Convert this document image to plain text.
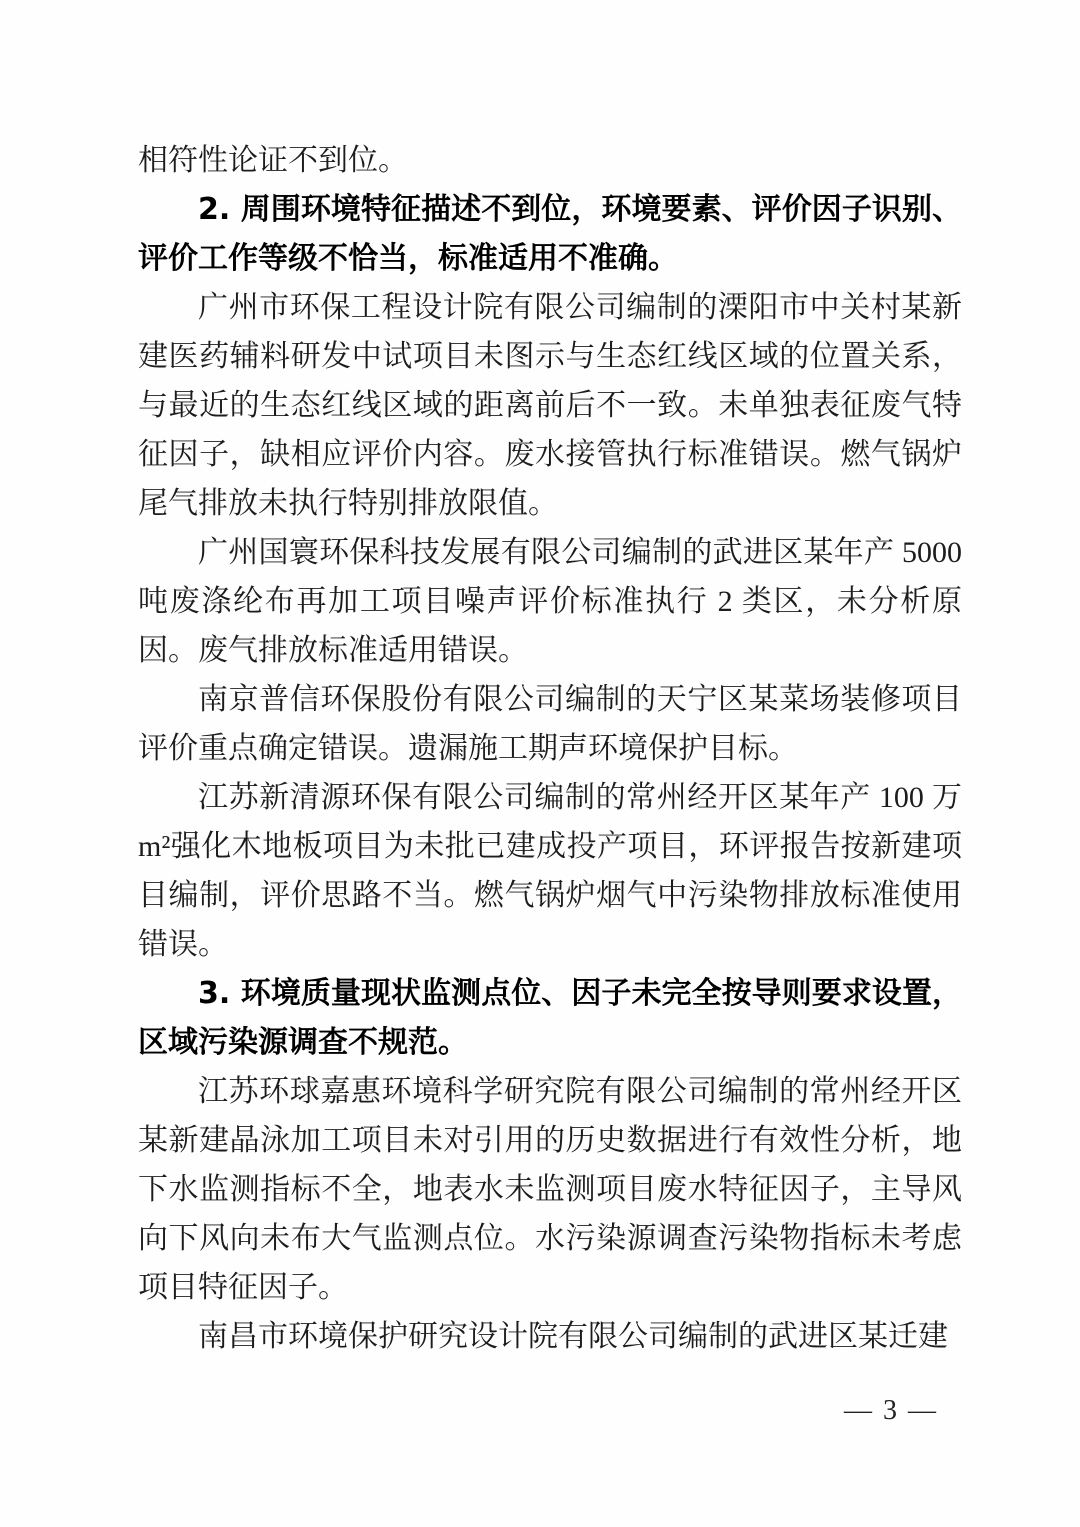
相符性论证不到位。

2. 周围环境特征描述不到位，环境要素、评价因子识别、评价工作等级不恰当，标准适用不准确。

广州市环保工程设计院有限公司编制的溧阳市中关村某新建医药辅料研发中试项目未图示与生态红线区域的位置关系，与最近的生态红线区域的距离前后不一致。未单独表征废气特征因子，缺相应评价内容。废水接管执行标准错误。燃气锅炉尾气排放未执行特别排放限值。

广州国寰环保科技发展有限公司编制的武进区某年产 5000 吨废涤纶布再加工项目噪声评价标准执行 2 类区，未分析原因。废气排放标准适用错误。

南京普信环保股份有限公司编制的天宁区某菜场装修项目评价重点确定错误。遗漏施工期声环境保护目标。

江苏新清源环保有限公司编制的常州经开区某年产 100 万m²强化木地板项目为未批已建成投产项目，环评报告按新建项目编制，评价思路不当。燃气锅炉烟气中污染物排放标准使用错误。

3. 环境质量现状监测点位、因子未完全按导则要求设置，区域污染源调查不规范。

江苏环球嘉惠环境科学研究院有限公司编制的常州经开区某新建晶泳加工项目未对引用的历史数据进行有效性分析，地下水监测指标不全，地表水未监测项目废水特征因子，主导风向下风向未布大气监测点位。水污染源调查污染物指标未考虑项目特征因子。

南昌市环境保护研究设计院有限公司编制的武进区某迁建

— 3 —
